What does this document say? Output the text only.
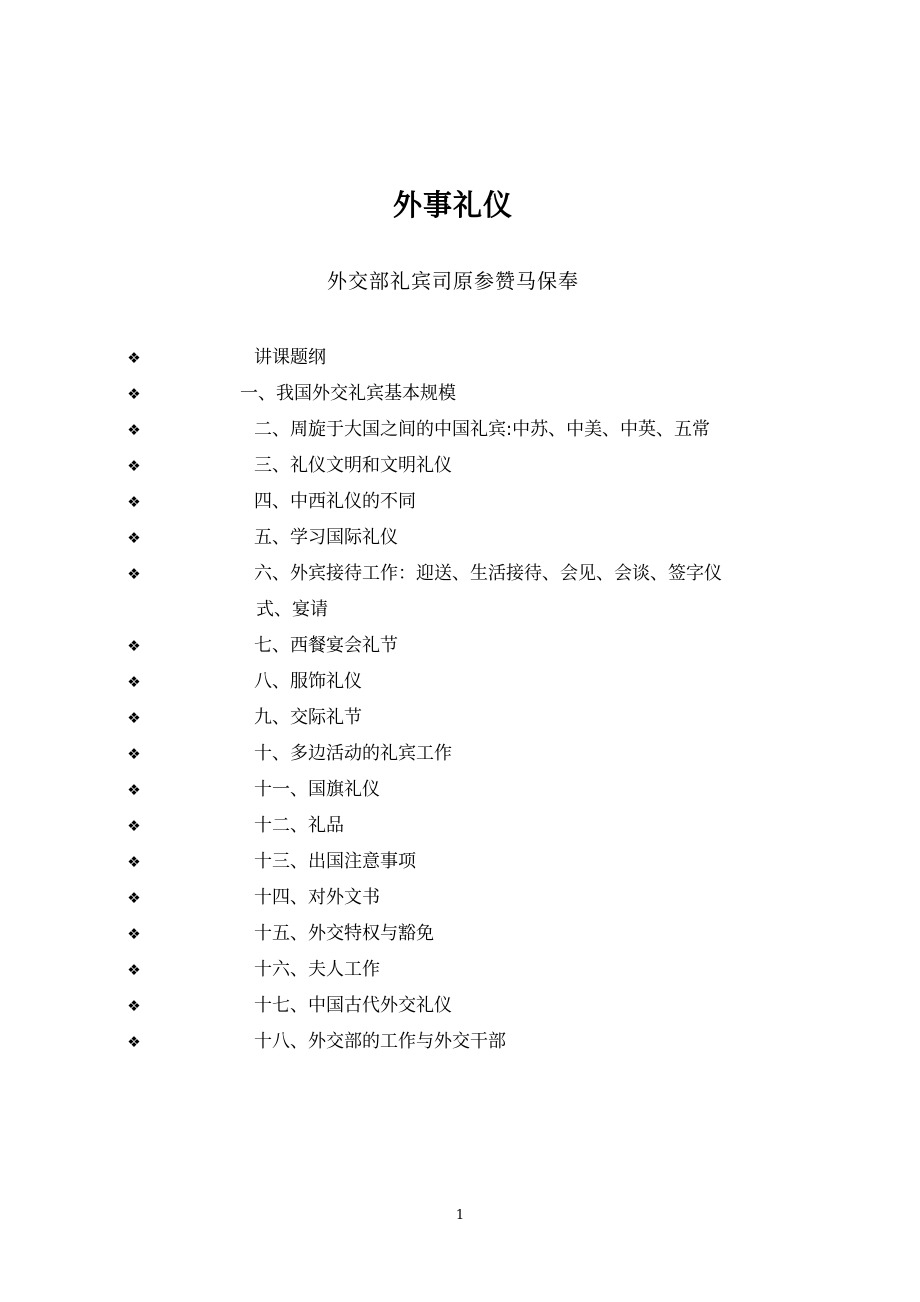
外事礼仪
外交部礼宾司原参赞马保奉
❖	讲课题纲
❖	一、我国外交礼宾基本规模
❖	二、周旋于大国之间的中国礼宾:中苏、中美、中英、五常
❖	三、礼仪文明和文明礼仪
❖	四、中西礼仪的不同
❖	五、学习国际礼仪
❖	六、外宾接待工作：迎送、生活接待、会见、会谈、签字仪
式、宴请
❖	七、西餐宴会礼节
❖	八、服饰礼仪
❖	九、交际礼节
❖	十、多边活动的礼宾工作
❖	十一、国旗礼仪
❖	十二、礼品
❖	十三、出国注意事项
❖	十四、对外文书
❖	十五、外交特权与豁免
❖	十六、夫人工作
❖	十七、中国古代外交礼仪
❖	十八、外交部的工作与外交干部
1
